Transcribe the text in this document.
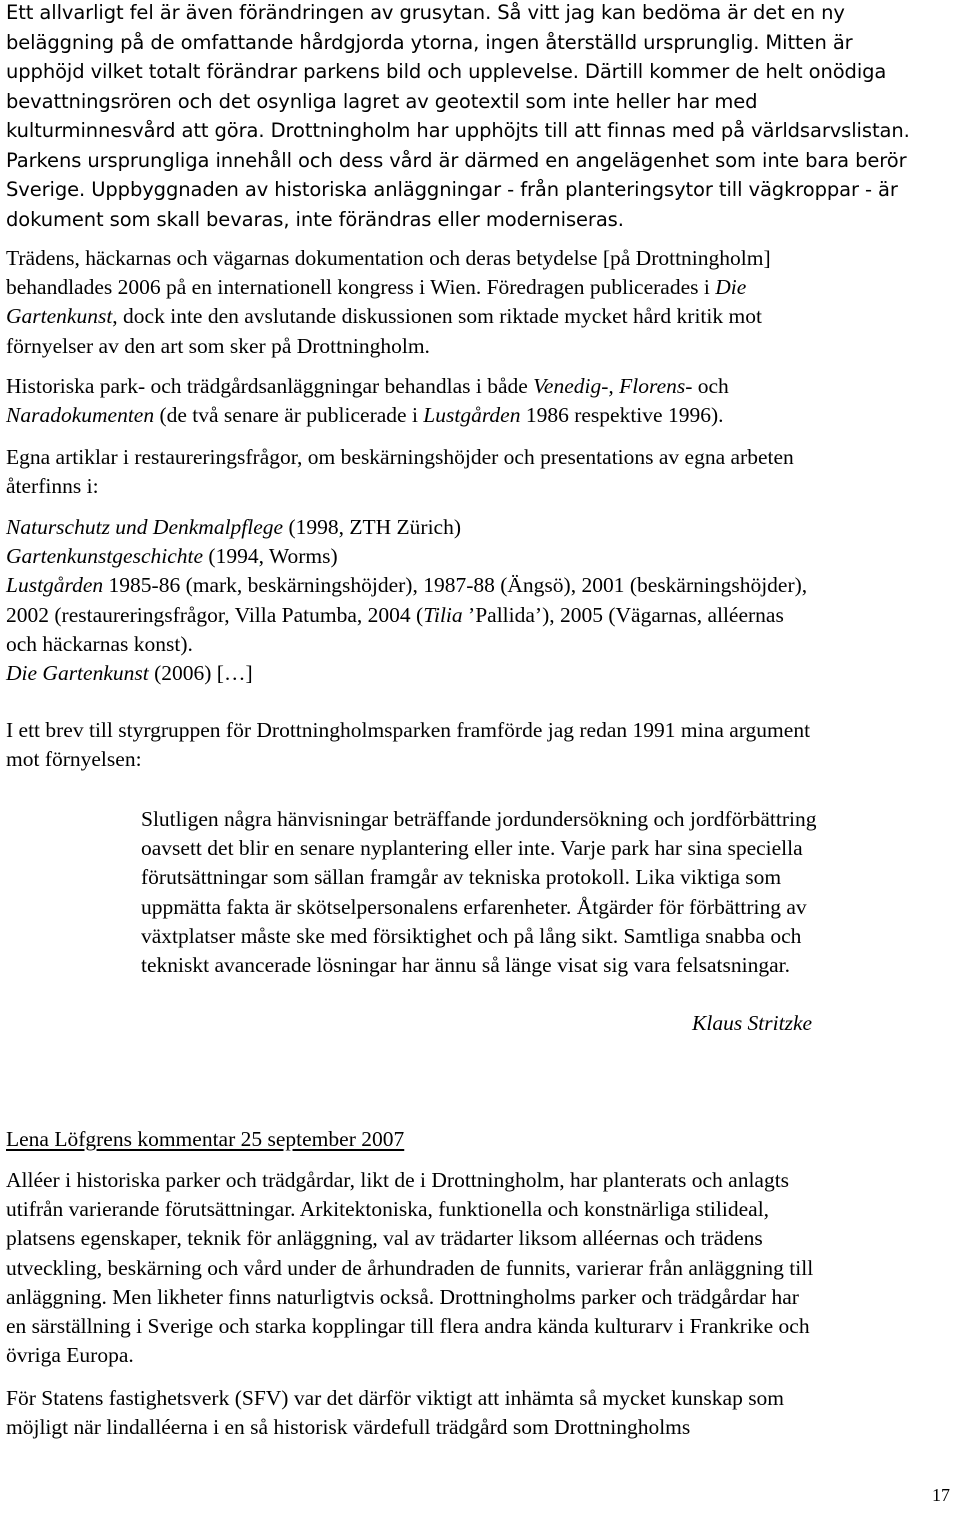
Ett allvarligt fel är även förändringen av grusytan. Så vitt jag kan bedöma är det en ny

beläggning på de omfattande hårdgjorda ytorna, ingen återställd ursprunglig. Mitten är

upphöjd vilket totalt förändrar parkens bild och upplevelse. Därtill kommer de helt onödiga

bevattningsrören och det osynliga lagret av geotextil som inte heller har med

kulturminnesvård att göra. Drottningholm har upphöjts till att finnas med på världsarvslistan.

Parkens ursprungliga innehåll och dess vård är därmed en angelägenhet som inte bara berör

Sverige. Uppbyggnaden av historiska anläggningar - från planteringsytor till vägkroppar - är

dokument som skall bevaras, inte förändras eller moderniseras.

Trädens, häckarnas och vägarnas dokumentation och deras betydelse [på Drottningholm]

behandlades 2006 på en internationell kongress i Wien. Föredragen publicerades i Die

Gartenkunst, dock inte den avslutande diskussionen som riktade mycket hård kritik mot

förnyelser av den art som sker på Drottningholm.

Historiska park- och trädgårdsanläggningar behandlas i både Venedig-, Florens- och

Naradokumenten (de två senare är publicerade i Lustgården 1986 respektive 1996).

Egna artiklar i restaureringsfrågor, om beskärningshöjder och presentations av egna arbeten

återfinns i:

Naturschutz und Denkmalpflege (1998, ZTH Zürich)

Gartenkunstgeschichte (1994, Worms)

Lustgården 1985-86 (mark, beskärningshöjder), 1987-88 (Ängsö), 2001 (beskärningshöjder),

2002 (restaureringsfrågor, Villa Patumba, 2004 (Tilia ’Pallida’), 2005 (Vägarnas, alléernas

och häckarnas konst).

Die Gartenkunst (2006) […]

I ett brev till styrgruppen för Drottningholmsparken framförde jag redan 1991 mina argument

mot förnyelsen:

Slutligen några hänvisningar beträffande jordundersökning och jordförbättring

oavsett det blir en senare nyplantering eller inte. Varje park har sina speciella

förutsättningar som sällan framgår av tekniska protokoll. Lika viktiga som

uppmätta fakta är skötselpersonalens erfarenheter. Åtgärder för förbättring av

växtplatser måste ske med försiktighet och på lång sikt. Samtliga snabba och

tekniskt avancerade lösningar har ännu så länge visat sig vara felsatsningar.

Klaus Stritzke
Lena Löfgrens kommentar 25 september 2007

Alléer i historiska parker och trädgårdar, likt de i Drottningholm, har planterats och anlagts

utifrån varierande förutsättningar. Arkitektoniska, funktionella och konstnärliga stilideal,

platsens egenskaper, teknik för anläggning, val av trädarter liksom alléernas och trädens

utveckling, beskärning och vård under de århundraden de funnits, varierar från anläggning till

anläggning. Men likheter finns naturligtvis också. Drottningholms parker och trädgårdar har

en särställning i Sverige och starka kopplingar till flera andra kända kulturarv i Frankrike och

övriga Europa.

För Statens fastighetsverk (SFV) var det därför viktigt att inhämta så mycket kunskap som

möjligt när lindalléerna i en så historisk värdefull trädgård som Drottningholms

17
